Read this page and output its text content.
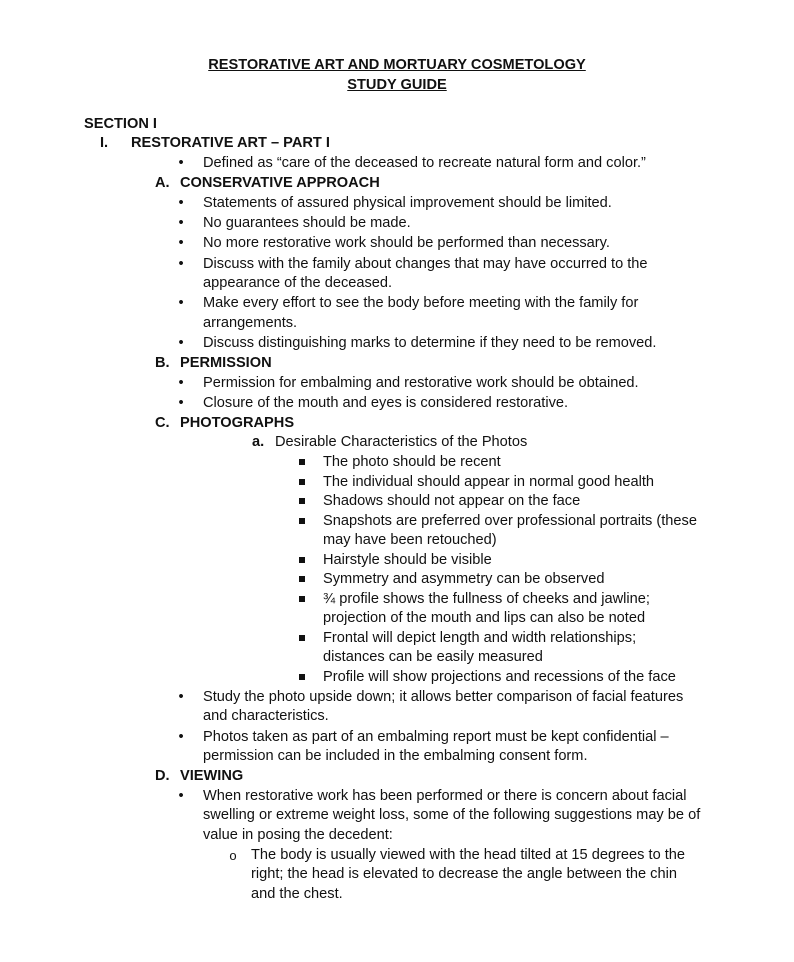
RESTORATIVE ART AND MORTUARY COSMETOLOGY
STUDY GUIDE
SECTION I
I. RESTORATIVE ART – PART I
•	Defined as “care of the deceased to recreate natural form and color.”
A. CONSERVATIVE APPROACH
•	Statements of assured physical improvement should be limited.
•	No guarantees should be made.
•	No more restorative work should be performed than necessary.
•	Discuss with the family about changes that may have occurred to the
appearance of the deceased.
•	Make every effort to see the body before meeting with the family for
arrangements.
•	Discuss distinguishing marks to determine if they need to be removed.
B. PERMISSION
•	Permission for embalming and restorative work should be obtained.
•	Closure of the mouth and eyes is considered restorative.
C. PHOTOGRAPHS
a. Desirable Characteristics of the Photos
The photo should be recent
The individual should appear in normal good health
Shadows should not appear on the face
Snapshots are preferred over professional portraits (these
may have been retouched)
Hairstyle should be visible
Symmetry and asymmetry can be observed
¾ profile shows the fullness of cheeks and jawline;
projection of the mouth and lips can also be noted
Frontal will depict length and width relationships;
distances can be easily measured
Profile will show projections and recessions of the face
•	Study the photo upside down; it allows better comparison of facial features
and characteristics.
•	Photos taken as part of an embalming report must be kept confidential –
permission can be included in the embalming consent form.
D. VIEWING
•	When restorative work has been performed or there is concern about facial
swelling or extreme weight loss, some of the following suggestions may be of
value in posing the decedent:
o The body is usually viewed with the head tilted at 15 degrees to the
right; the head is elevated to decrease the angle between the chin
and the chest.
